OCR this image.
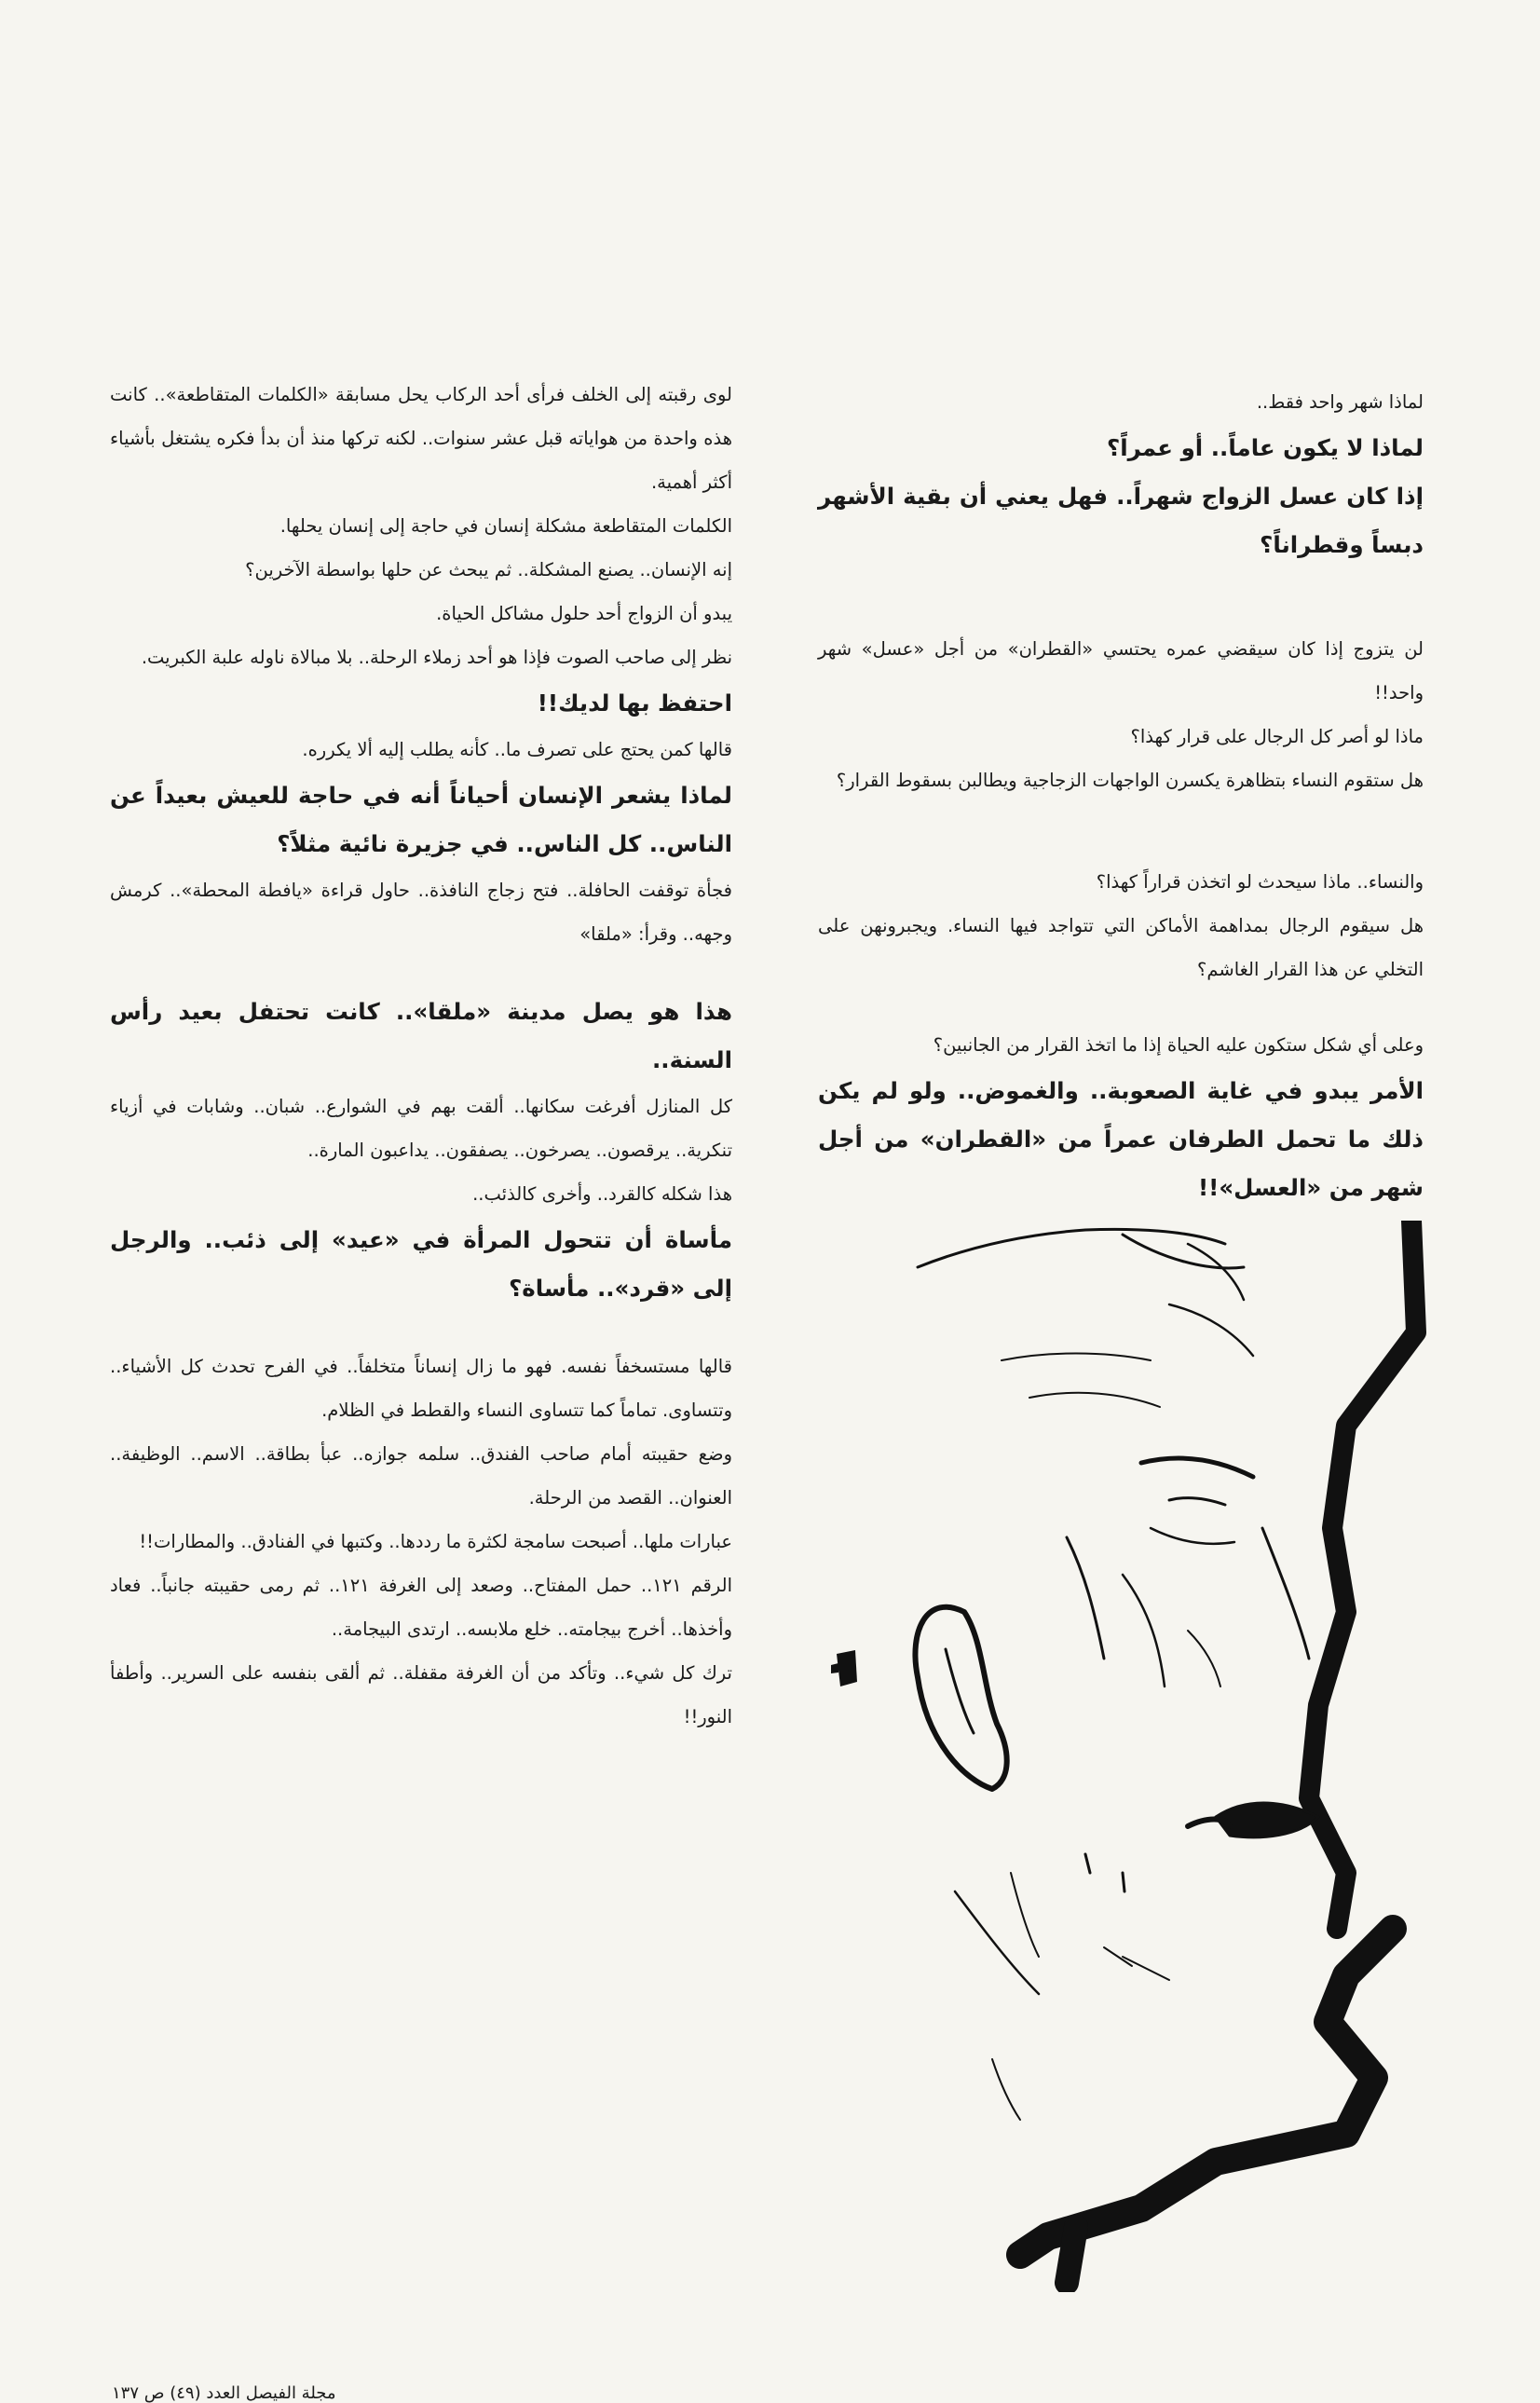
لماذا شهر واحد فقط..

لماذا لا يكون عاماً.. أو عمراً؟

إذا كان عسل الزواج شهراً.. فهل يعني أن بقية الأشهر دبساً وقطراناً؟

لن يتزوج إذا كان سيقضي عمره يحتسي «القطران» من أجل «عسل» شهر واحد!!

ماذا لو أصر كل الرجال على قرار كهذا؟

هل ستقوم النساء بتظاهرة يكسرن الواجهات الزجاجية ويطالبن بسقوط القرار؟

والنساء.. ماذا سيحدث لو اتخذن قراراً كهذا؟

هل سيقوم الرجال بمداهمة الأماكن التي تتواجد فيها النساء. ويجبرونهن على التخلي عن هذا القرار الغاشم؟

وعلى أي شكل ستكون عليه الحياة إذا ما اتخذ القرار من الجانبين؟

الأمر يبدو في غاية الصعوبة.. والغموض.. ولو لم يكن ذلك ما تحمل الطرفان عمراً من «القطران» من أجل شهر من «العسل»!!

لوى رقبته إلى الخلف فرأى أحد الركاب يحل مسابقة «الكلمات المتقاطعة».. كانت هذه واحدة من هواياته قبل عشر سنوات.. لكنه تركها منذ أن بدأ فكره يشتغل بأشياء أكثر أهمية.

الكلمات المتقاطعة مشكلة إنسان في حاجة إلى إنسان يحلها.

إنه الإنسان.. يصنع المشكلة.. ثم يبحث عن حلها بواسطة الآخرين؟

يبدو أن الزواج أحد حلول مشاكل الحياة.

نظر إلى صاحب الصوت فإذا هو أحد زملاء الرحلة.. بلا مبالاة ناوله علبة الكبريت.

احتفظ بها لديك!!

قالها كمن يحتج على تصرف ما.. كأنه يطلب إليه ألا يكرره.

لماذا يشعر الإنسان أحياناً أنه في حاجة للعيش بعيداً عن الناس.. كل الناس.. في جزيرة نائية مثلاً؟

فجأة توقفت الحافلة.. فتح زجاج النافذة.. حاول قراءة «يافطة المحطة».. كرمش وجهه.. وقرأ: «ملقا»

هذا هو يصل مدينة «ملقا».. كانت تحتفل بعيد رأس السنة..

كل المنازل أفرغت سكانها.. ألقت بهم في الشوارع.. شبان.. وشابات في أزياء تنكرية.. يرقصون.. يصرخون.. يصفقون.. يداعبون المارة..

هذا شكله كالقرد.. وأخرى كالذئب..

مأساة أن تتحول المرأة في «عيد» إلى ذئب.. والرجل إلى «قرد».. مأساة؟

قالها مستسخفاً نفسه. فهو ما زال إنساناً متخلفاً.. في الفرح تحدث كل الأشياء.. وتتساوى. تماماً كما تتساوى النساء والقطط في الظلام.

وضع حقيبته أمام صاحب الفندق.. سلمه جوازه.. عبأ بطاقة.. الاسم.. الوظيفة.. العنوان.. القصد من الرحلة.

عبارات ملها.. أصبحت سامجة لكثرة ما رددها.. وكتبها في الفنادق.. والمطارات!!

الرقم ١٢١.. حمل المفتاح.. وصعد إلى الغرفة ١٢١.. ثم رمى حقيبته جانباً.. فعاد وأخذها.. أخرج بيجامته.. خلع ملابسه.. ارتدى البيجامة..

ترك كل شيء.. وتأكد من أن الغرفة مقفلة.. ثم ألقى بنفسه على السرير.. وأطفأ النور!!

مجلة الفيصل العدد (٤٩) ص ١٣٧
